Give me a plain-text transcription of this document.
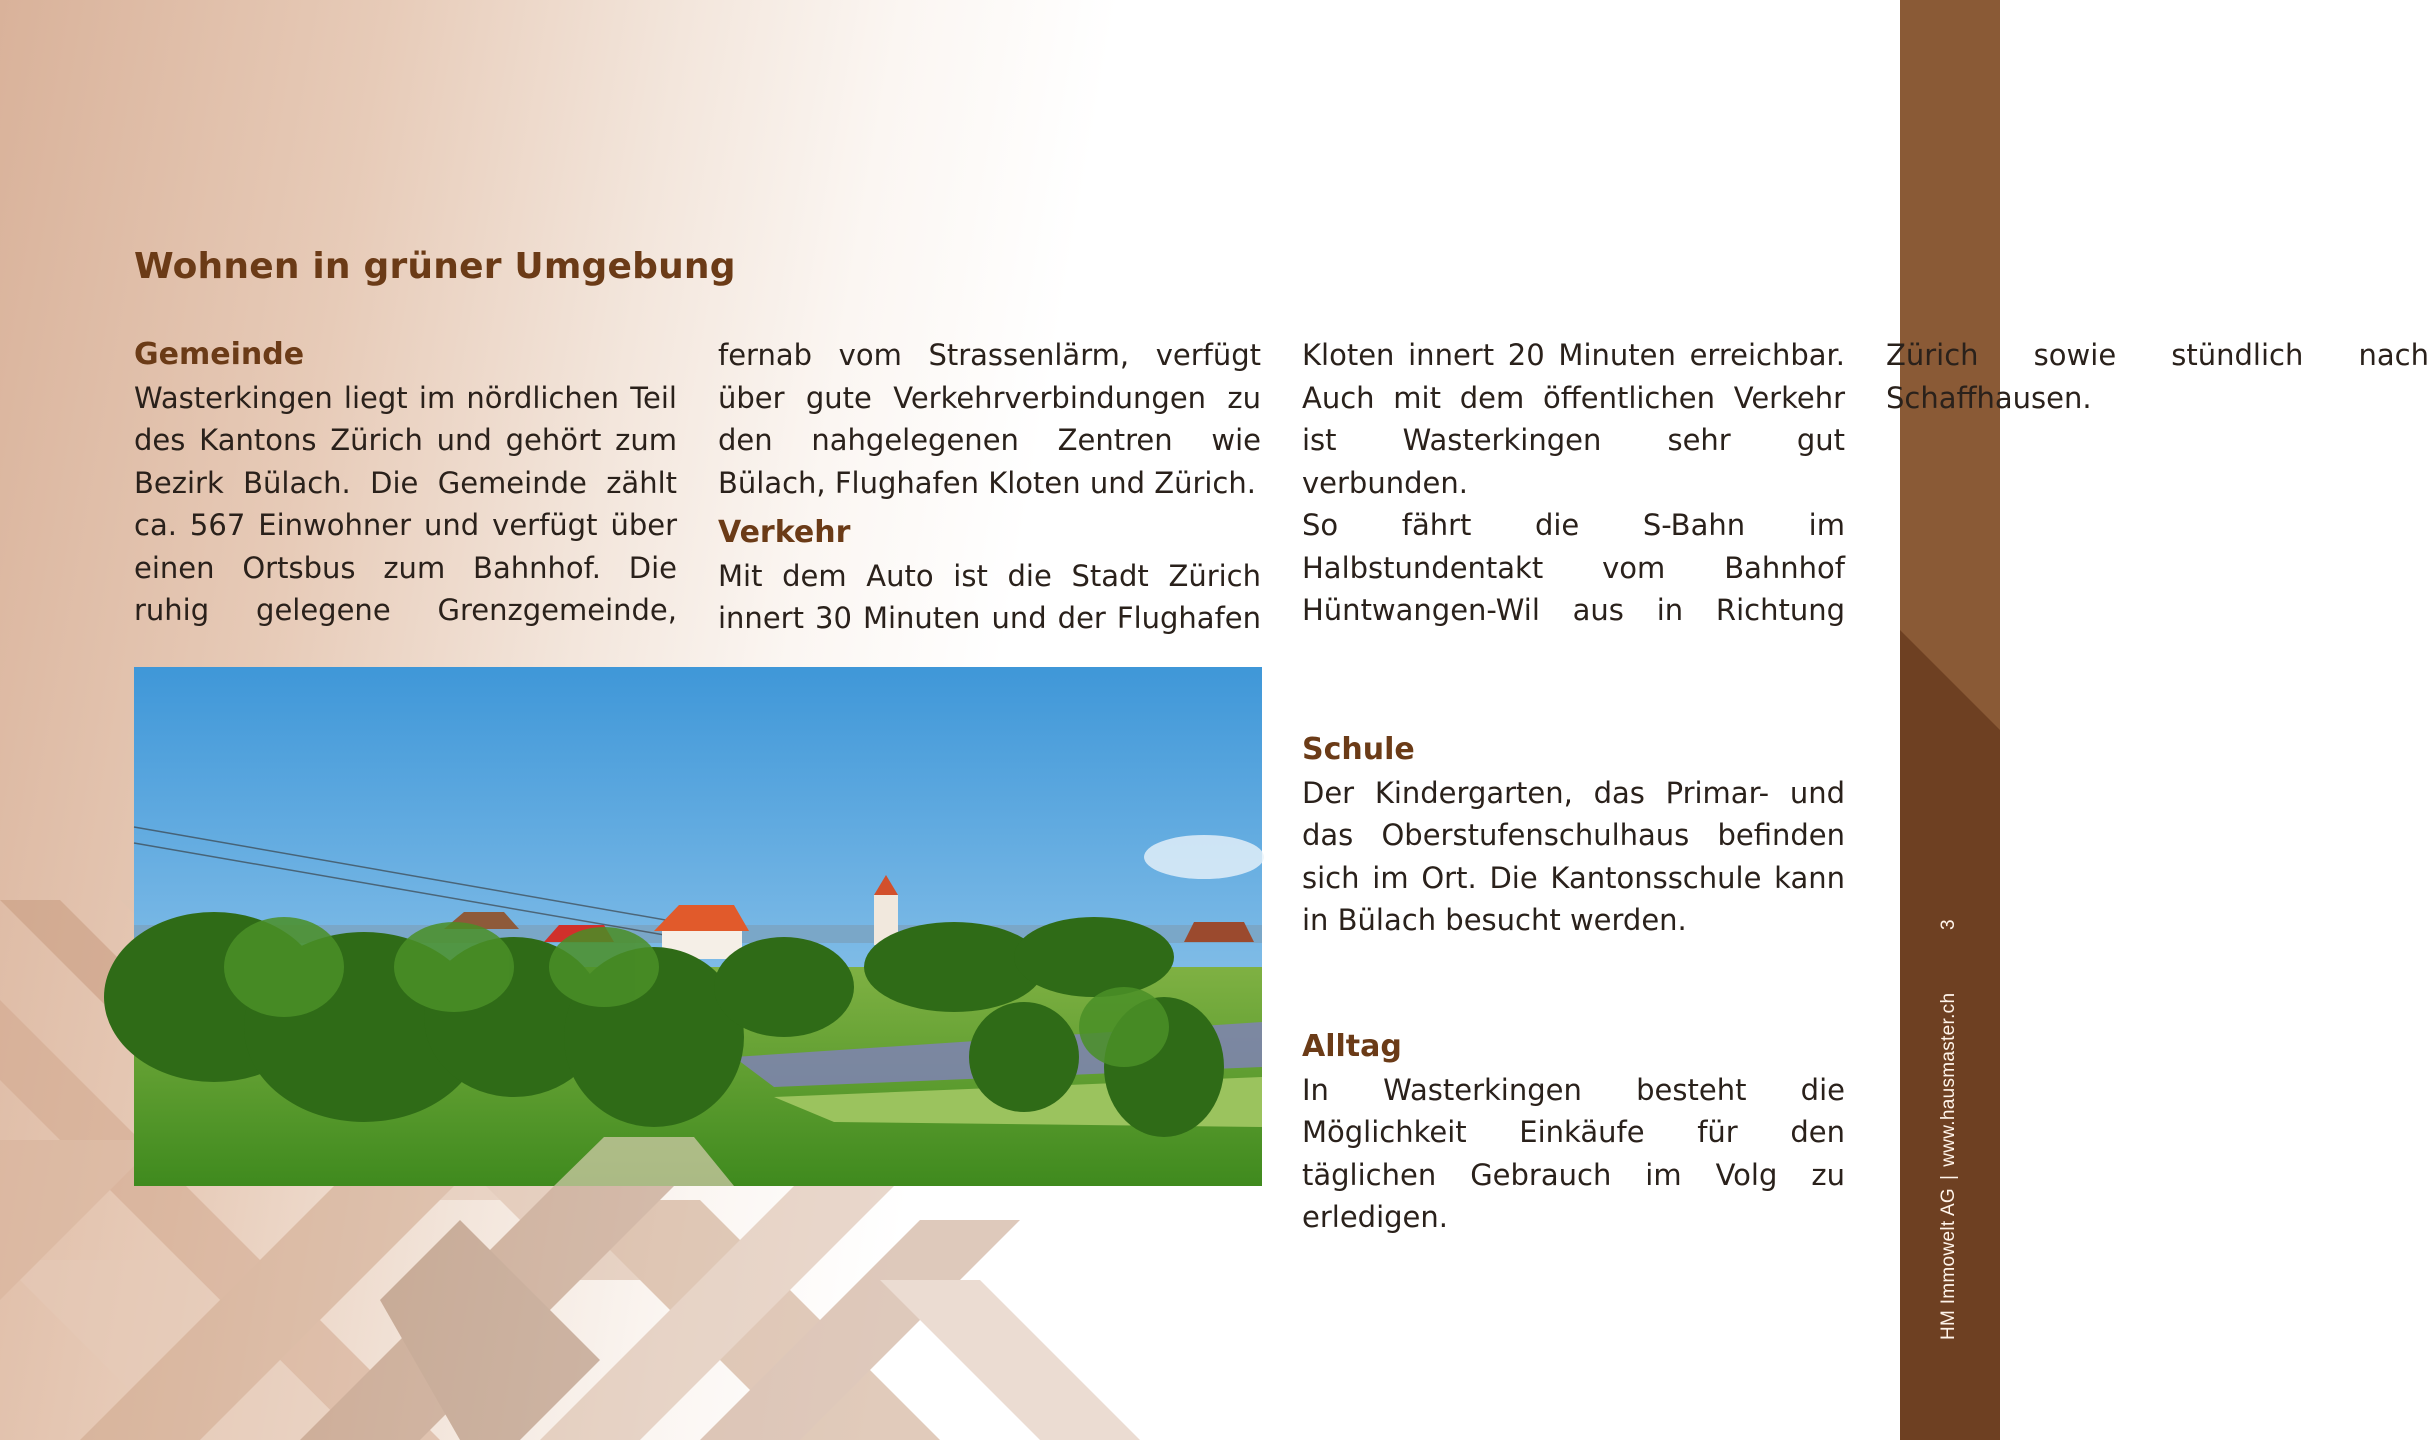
3
HM Immowelt AG|www.hausmaster.ch
Wohnen in grüner Umgebung
Gemeinde

Wasterkingen liegt im nördlichen Teil des Kantons Zürich und gehört zum Bezirk Bülach. Die Gemeinde zählt ca. 567 Einwohner und verfügt über einen Ortsbus zum Bahnhof. Die ruhig gelegene Grenzgemeinde, fernab vom Strassenlärm, verfügt über gute Verkehrverbindungen zu den nahgelegenen Zentren wie Bülach, Flughafen Kloten und Zürich.

Verkehr

Mit dem Auto ist die Stadt Zürich innert 30 Minuten und der Flughafen Kloten innert 20 Minuten erreichbar. Auch mit dem öffentlichen Verkehr ist Wasterkingen sehr gut verbunden.

So fährt die S-Bahn im Halbstundentakt vom Bahnhof Hüntwangen-Wil aus in Richtung Zürich sowie stündlich nach Schaffhausen.

Schule

Der Kindergarten, das Primar- und das Oberstufenschulhaus befinden sich im Ort. Die Kantonsschule kann in Bülach besucht werden.

Alltag

In Wasterkingen besteht die Möglichkeit Einkäufe für den täglichen Gebrauch im Volg zu erledigen.
